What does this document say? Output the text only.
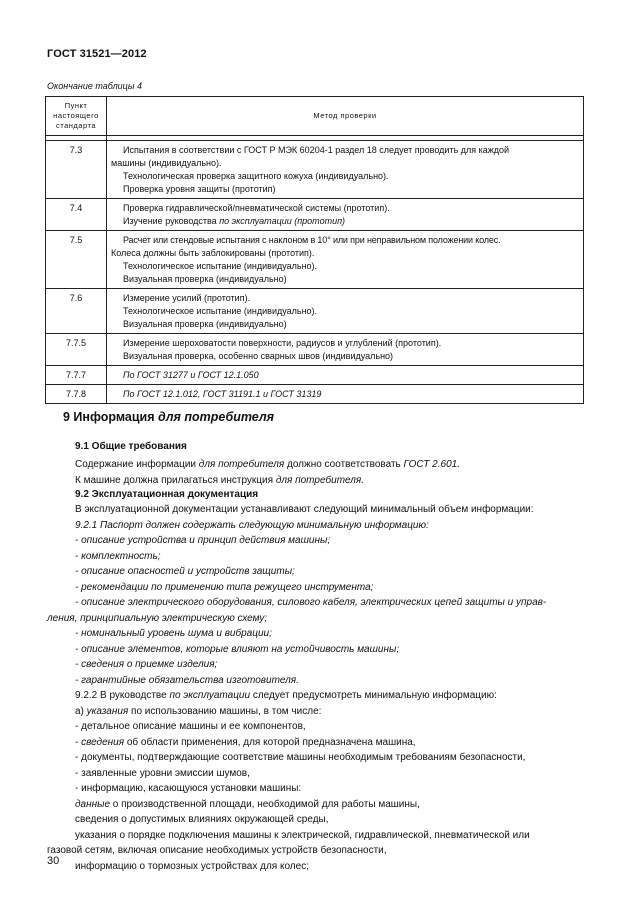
ГОСТ 31521—2012
Окончание таблицы 4
Пункт настоящего стандарта	Метод проверки

7.3	Испытания в соответствии с ГОСТ Р МЭК 60204-1 раздел 18 следует проводить для каждой
машины (индивидуально).
Технологическая проверка защитного кожуха (индивидуально).
Проверка уровня защиты (прототип)

7.4	Проверка гидравлической/пневматической системы (прототип).
Изучение руководства по эксплуатации (прототип)

7.5	Расчет или стендовые испытания с наклоном в 10° или при неправильном положении колес.
Колеса должны быть заблокированы (прототип).
Технологическое испытание (индивидуально).
Визуальная проверка (индивидуально)

7.6	Измерение усилий (прототип).
Технологическое испытание (индивидуально).
Визуальная проверка (индивидуально)

7.7.5	Измерение шероховатости поверхности, радиусов и углублений (прототип).
Визуальная проверка, особенно сварных швов (индивидуально)

7.7.7	По ГОСТ 31277 и ГОСТ 12.1.050

7.7.8	По ГОСТ 12.1.012, ГОСТ 31191.1 и ГОСТ 31319
9 Информация для потребителя
9.1 Общие требования
Содержание информации для потребителя должно соответствовать ГОСТ 2.601.
К машине должна прилагаться инструкция для потребителя.
9.2 Эксплуатационная документация
В эксплуатационной документации устанавливают следующий минимальный объем информации:
9.2.1 Паспорт должен содержать следующую минимальную информацию:
- описание устройства и принцип действия машины;
- комплектность;
- описание опасностей и устройств защиты;
- рекомендации по применению типа режущего инструмента;
- описание электрического оборудования, силового кабеля, электрических цепей защиты и управ-
ления, принципиальную электрическую схему;
- номинальный уровень шума и вибрации;
- описание элементов, которые влияют на устойчивость машины;
- сведения о приемке изделия;
- гарантийные обязательства изготовителя.
9.2.2 В руководстве по эксплуатации следует предусмотреть минимальную информацию:
а) указания по использованию машины, в том числе:
- детальное описание машины и ее компонентов,
- сведения об области применения, для которой предназначена машина,
- документы, подтверждающие соответствие машины необходимым требованиям безопасности,
- заявленные уровни эмиссии шумов,
- информацию, касающуюся установки машины:
данные о производственной площади, необходимой для работы машины,
сведения о допустимых влияниях окружающей среды,
указания о порядке подключения машины к электрической, гидравлической, пневматической или
газовой сетям, включая описание необходимых устройств безопасности,
информацию о тормозных устройствах для колес;
30
